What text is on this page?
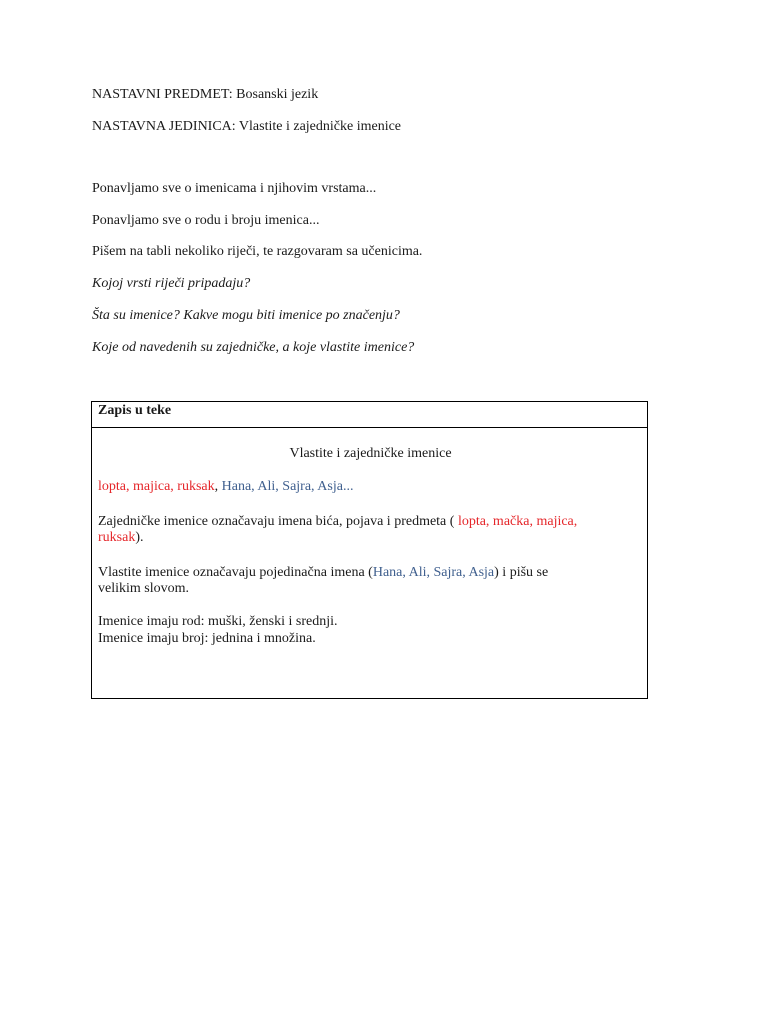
NASTAVNI PREDMET: Bosanski jezik
NASTAVNA JEDINICA: Vlastite i zajedničke imenice
Ponavljamo sve o imenicama i njihovim vrstama...
Ponavljamo sve o rodu i broju imenica...
Pišem na tabli nekoliko riječi, te razgovaram sa učenicima.
Kojoj vrsti riječi pripadaju?
Šta su imenice? Kakve mogu biti imenice po značenju?
Koje od navedenih su zajedničke, a koje vlastite imenice?
Zapis u teke
Vlastite i zajedničke imenice
lopta, majica, ruksak, Hana, Ali, Sajra, Asja...
Zajedničke imenice označavaju imena bića, pojava i predmeta ( lopta, mačka, majica,
ruksak).
Vlastite imenice označavaju pojedinačna imena (Hana, Ali, Sajra, Asja) i pišu se
velikim slovom.
Imenice imaju rod: muški, ženski i srednji.
Imenice imaju broj: jednina i množina.
